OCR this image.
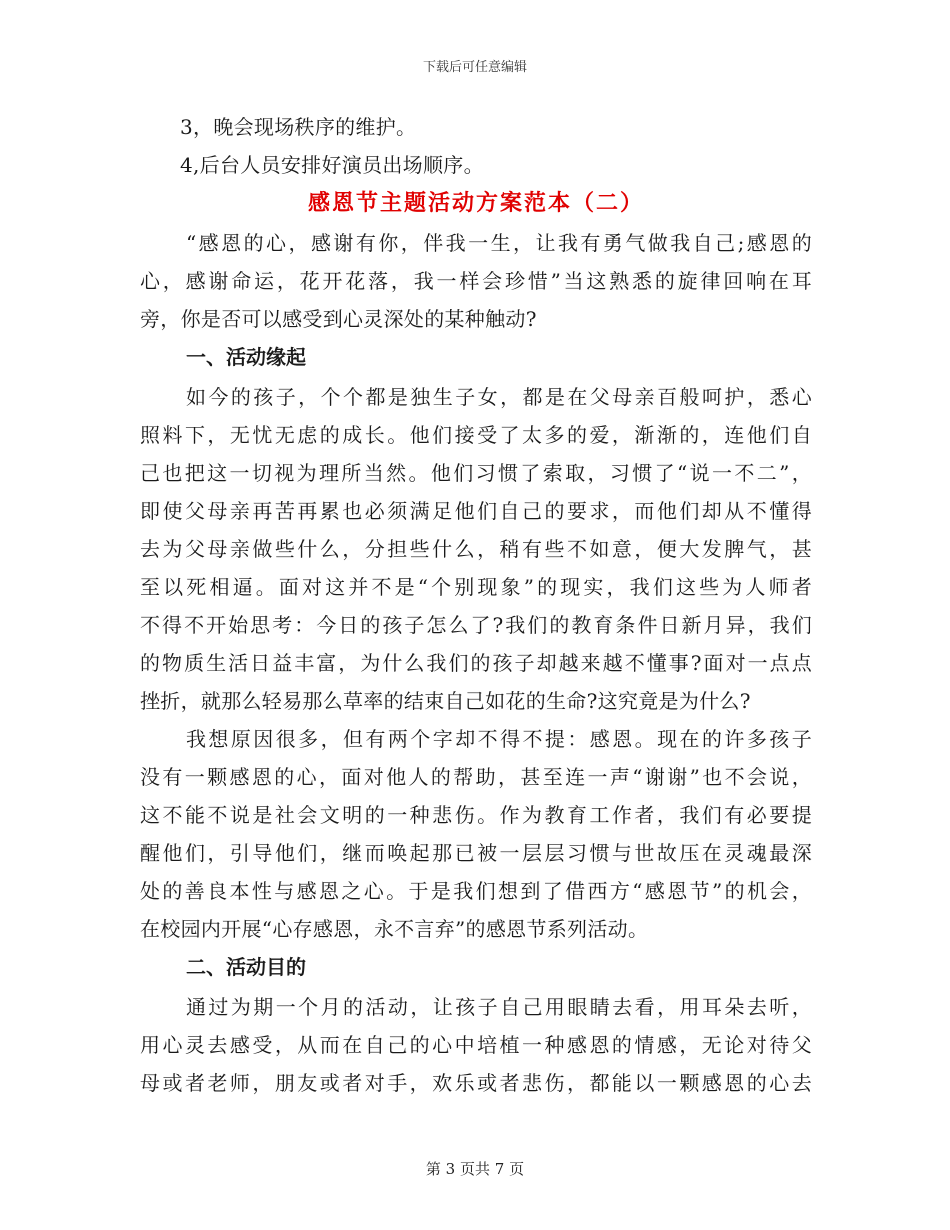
下载后可任意编辑
3，晚会现场秩序的维护。
4,后台人员安排好演员出场顺序。
感恩节主题活动方案范本（二）
“感恩的心，感谢有你，伴我一生，让我有勇气做我自己;感恩的
心，感谢命运，花开花落，我一样会珍惜”当这熟悉的旋律回响在耳
旁，你是否可以感受到心灵深处的某种触动?
一、活动缘起
如今的孩子，个个都是独生子女，都是在父母亲百般呵护，悉心
照料下，无忧无虑的成长。他们接受了太多的爱，渐渐的，连他们自
己也把这一切视为理所当然。他们习惯了索取，习惯了“说一不二”，
即使父母亲再苦再累也必须满足他们自己的要求，而他们却从不懂得
去为父母亲做些什么，分担些什么，稍有些不如意，便大发脾气，甚
至以死相逼。面对这并不是“个别现象”的现实，我们这些为人师者
不得不开始思考：今日的孩子怎么了?我们的教育条件日新月异，我们
的物质生活日益丰富，为什么我们的孩子却越来越不懂事?面对一点点
挫折，就那么轻易那么草率的结束自己如花的生命?这究竟是为什么?
我想原因很多，但有两个字却不得不提：感恩。现在的许多孩子
没有一颗感恩的心，面对他人的帮助，甚至连一声“谢谢”也不会说，
这不能不说是社会文明的一种悲伤。作为教育工作者，我们有必要提
醒他们，引导他们，继而唤起那已被一层层习惯与世故压在灵魂最深
处的善良本性与感恩之心。于是我们想到了借西方“感恩节”的机会，
在校园内开展“心存感恩，永不言弃”的感恩节系列活动。
二、活动目的
通过为期一个月的活动，让孩子自己用眼睛去看，用耳朵去听，
用心灵去感受，从而在自己的心中培植一种感恩的情感，无论对待父
母或者老师，朋友或者对手，欢乐或者悲伤，都能以一颗感恩的心去
第 3 页共 7 页
